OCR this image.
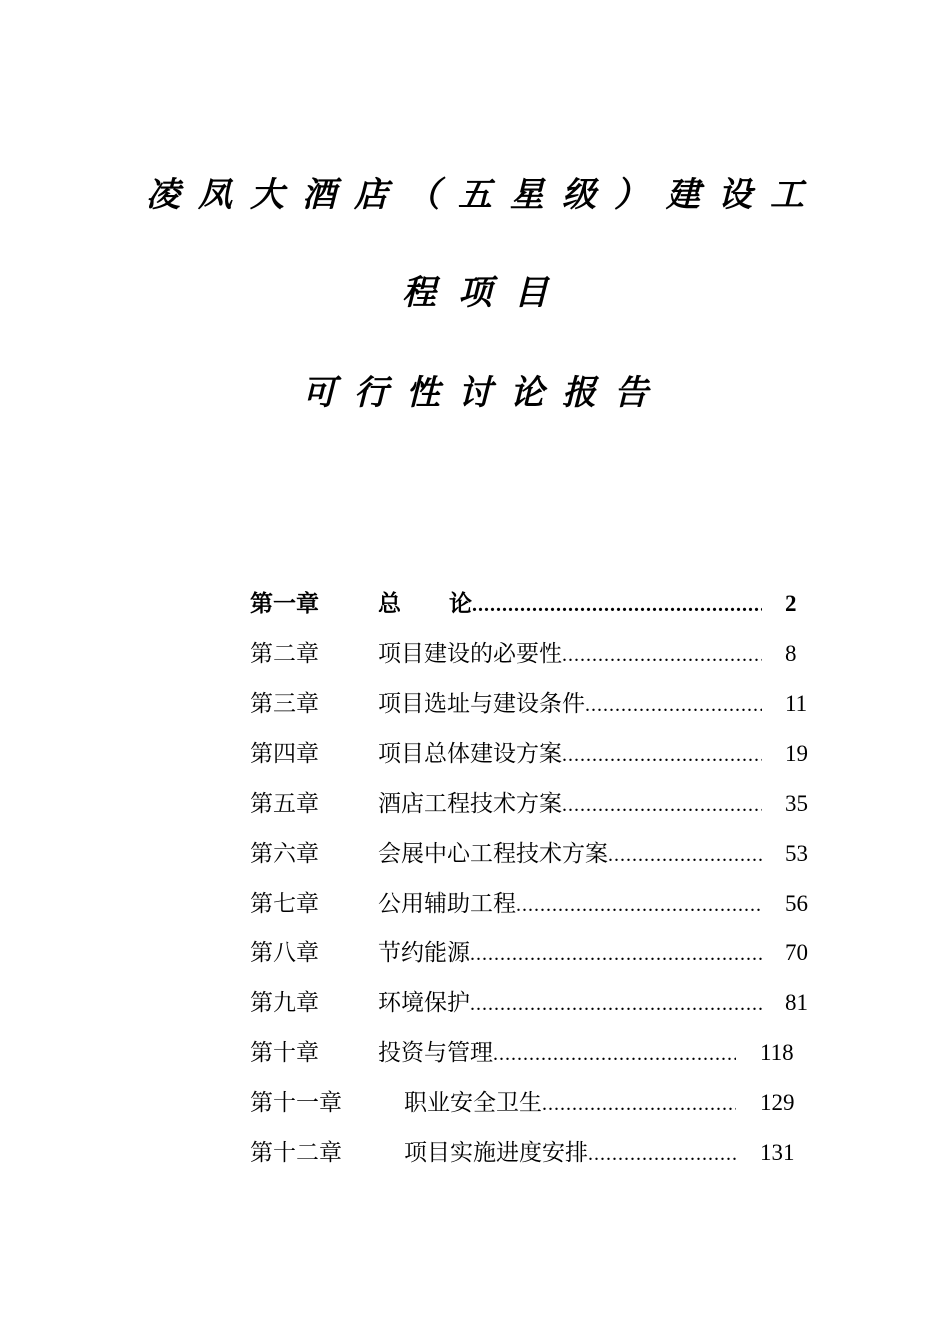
凌凤大酒店（五星级）建设工
程项目
可行性讨论报告
第一章	总 论 .....	2
第二章	项目建设的必要性 .....	8
第三章	项目选址与建设条件 .....	11
第四章	项目总体建设方案 .....	19
第五章	酒店工程技术方案 .....	35
第六章	会展中心工程技术方案 .....	53
第七章	公用辅助工程 .....	56
第八章	节约能源 .....	70
第九章	环境保护 .....	81
第十章	投资与管理 .....	118
第十一章	职业安全卫生 .....	129
第十二章	项目实施进度安排 .....	131
